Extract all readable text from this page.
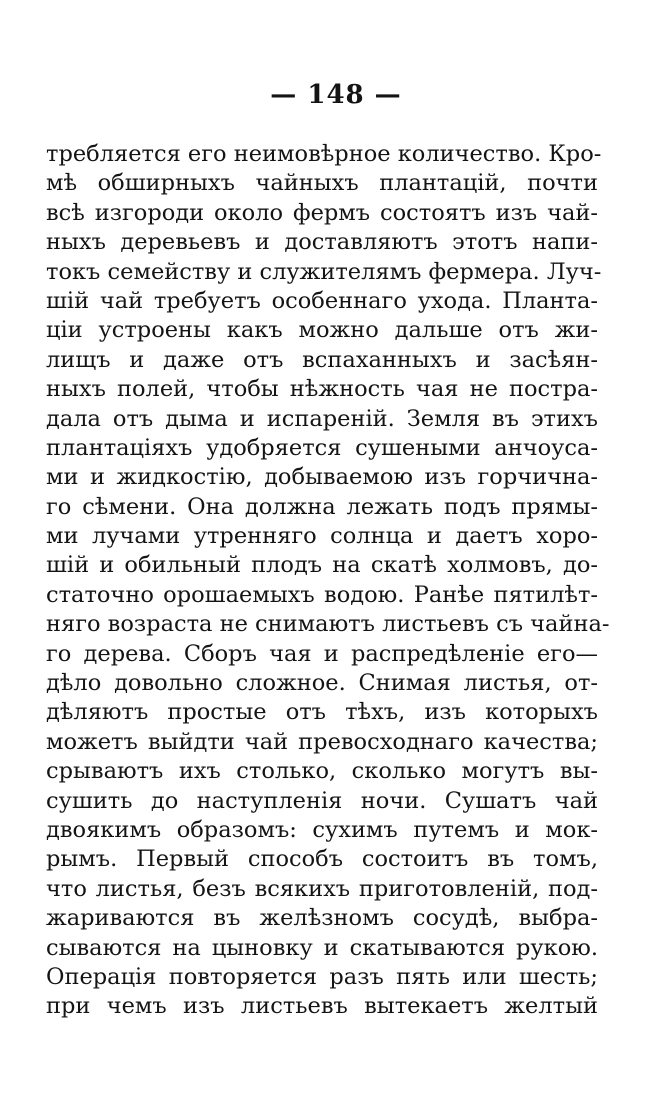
— 148 —
требляется его неимовѣрное количество. Кро-
мѣ обширныхъ чайныхъ плантацій, почти
всѣ изгороди около фермъ состоятъ изъ чай-
ныхъ деревьевъ и доставляютъ этотъ напи-
токъ семейству и служителямъ фермера. Луч-
шій чай требуетъ особеннаго ухода. Планта-
ціи устроены какъ можно дальше отъ жи-
лищъ и даже отъ вспаханныхъ и засѣян-
ныхъ полей, чтобы нѣжность чая не постра-
дала отъ дыма и испареній. Земля въ этихъ
плантаціяхъ удобряется сушеными анчоуса-
ми и жидкостію, добываемою изъ горчична-
го сѣмени. Она должна лежать подъ прямы-
ми лучами утренняго солнца и даетъ хоро-
шій и обильный плодъ на скатѣ холмовъ, до-
статочно орошаемыхъ водою. Ранѣе пятилѣт-
няго возраста не снимаютъ листьевъ съ чайна-
го дерева. Сборъ чая и распредѣленіе его—
дѣло довольно сложное. Снимая листья, от-
дѣляютъ простые отъ тѣхъ, изъ которыхъ
можетъ выйдти чай превосходнаго качества;
срываютъ ихъ столько, сколько могутъ вы-
сушить до наступленія ночи. Сушатъ чай
двоякимъ образомъ: сухимъ путемъ и мок-
рымъ. Первый способъ состоитъ въ томъ,
что листья, безъ всякихъ приготовленій, под-
жариваются въ желѣзномъ сосудѣ, выбра-
сываются на цыновку и скатываются рукою.
Операція повторяется разъ пять или шесть;
при чемъ изъ листьевъ вытекаетъ желтый
